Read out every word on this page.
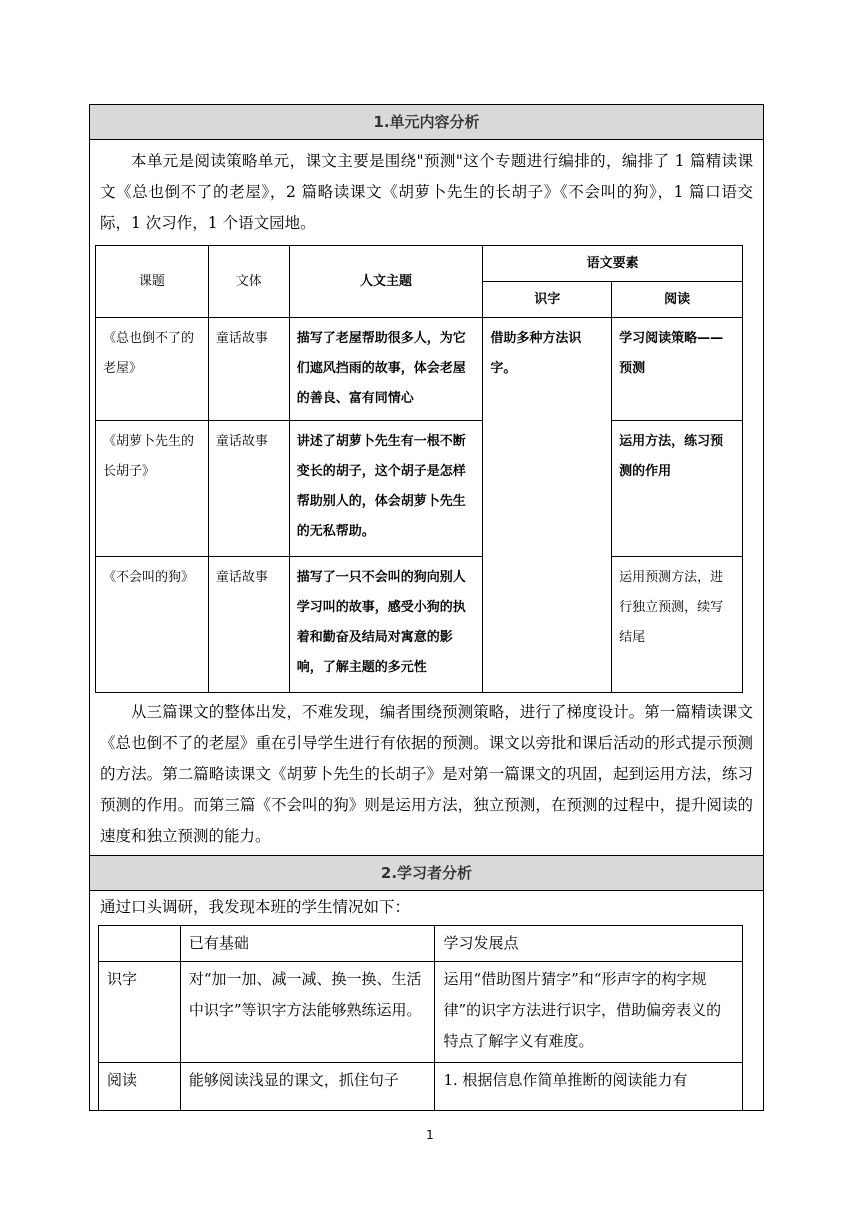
1.单元内容分析

本单元是阅读策略单元，课文主要是围绕"预测"这个专题进行编排的，编排了 1 篇精读课文《总也倒不了的老屋》，2 篇略读课文《胡萝卜先生的长胡子》《不会叫的狗》，1 篇口语交际，1 次习作，1 个语文园地。

课题	文体	人文主题	语文要素	
			识字	阅读
《总也倒不了的老屋》	童话故事	描写了老屋帮助很多人，为它们遮风挡雨的故事，体会老屋的善良、富有同情心	借助多种方法识字。	学习阅读策略——预测
《胡萝卜先生的长胡子》	童话故事	讲述了胡萝卜先生有一根不断变长的胡子，这个胡子是怎样帮助别人的，体会胡萝卜先生的无私帮助。		运用方法，练习预测的作用
《不会叫的狗》	童话故事	描写了一只不会叫的狗向别人学习叫的故事，感受小狗的执着和勤奋及结局对寓意的影响，了解主题的多元性		运用预测方法，进行独立预测，续写结尾

从三篇课文的整体出发，不难发现，编者围绕预测策略，进行了梯度设计。第一篇精读课文《总也倒不了的老屋》重在引导学生进行有依据的预测。课文以旁批和课后活动的形式提示预测的方法。第二篇略读课文《胡萝卜先生的长胡子》是对第一篇课文的巩固，起到运用方法，练习预测的作用。而第三篇《不会叫的狗》则是运用方法，独立预测，在预测的过程中，提升阅读的速度和独立预测的能力。

2.学习者分析

通过口头调研，我发现本班的学生情况如下：

	已有基础	学习发展点
识字	对“加一加、减一减、换一换、生活中识字”等识字方法能够熟练运用。	运用“借助图片猜字”和“形声字的构字规律”的识字方法进行识字，借助偏旁表义的特点了解字义有难度。
阅读	能够阅读浅显的课文，抓住句子	1. 根据信息作简单推断的阅读能力有
1
